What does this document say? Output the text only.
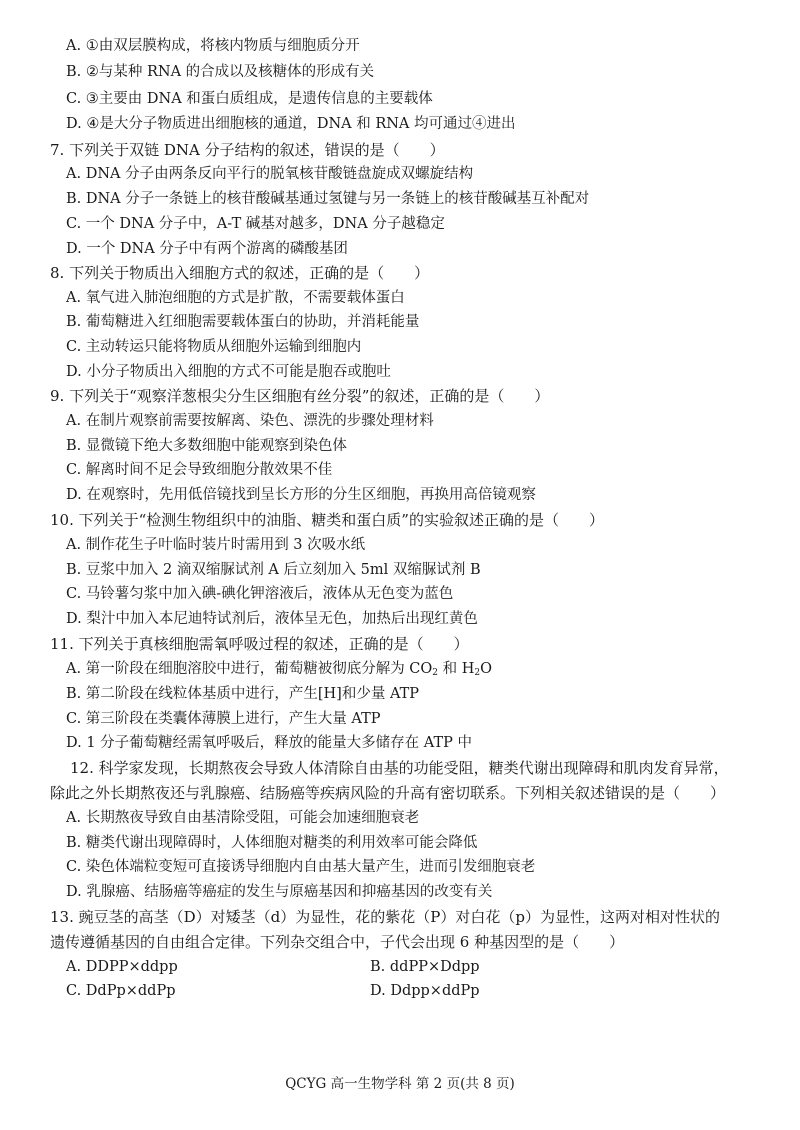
A. ①由双层膜构成，将核内物质与细胞质分开
B. ②与某种 RNA 的合成以及核糖体的形成有关
C. ③主要由 DNA 和蛋白质组成，是遗传信息的主要载体
D. ④是大分子物质进出细胞核的通道，DNA 和 RNA 均可通过④进出
7. 下列关于双链 DNA 分子结构的叙述，错误的是（　　）
A. DNA 分子由两条反向平行的脱氧核苷酸链盘旋成双螺旋结构
B. DNA 分子一条链上的核苷酸碱基通过氢键与另一条链上的核苷酸碱基互补配对
C. 一个 DNA 分子中，A-T 碱基对越多，DNA 分子越稳定
D. 一个 DNA 分子中有两个游离的磷酸基团
8. 下列关于物质出入细胞方式的叙述，正确的是（　　）
A. 氧气进入肺泡细胞的方式是扩散，不需要载体蛋白
B. 葡萄糖进入红细胞需要载体蛋白的协助，并消耗能量
C. 主动转运只能将物质从细胞外运输到细胞内
D. 小分子物质出入细胞的方式不可能是胞吞或胞吐
9. 下列关于“观察洋葱根尖分生区细胞有丝分裂”的叙述，正确的是（　　）
A. 在制片观察前需要按解离、染色、漂洗的步骤处理材料
B. 显微镜下绝大多数细胞中能观察到染色体
C. 解离时间不足会导致细胞分散效果不佳
D. 在观察时，先用低倍镜找到呈长方形的分生区细胞，再换用高倍镜观察
10. 下列关于“检测生物组织中的油脂、糖类和蛋白质”的实验叙述正确的是（　　）
A. 制作花生子叶临时装片时需用到 3 次吸水纸
B. 豆浆中加入 2 滴双缩脲试剂 A 后立刻加入 5ml 双缩脲试剂 B
C. 马铃薯匀浆中加入碘-碘化钾溶液后，液体从无色变为蓝色
D. 梨汁中加入本尼迪特试剂后，液体呈无色，加热后出现红黄色
11. 下列关于真核细胞需氧呼吸过程的叙述，正确的是（　　）
A. 第一阶段在细胞溶胶中进行，葡萄糖被彻底分解为 $CO_2$ 和 $H_2O$
B. 第二阶段在线粒体基质中进行，产生[H]和少量 ATP
C. 第三阶段在类囊体薄膜上进行，产生大量 ATP
D. 1 分子葡萄糖经需氧呼吸后，释放的能量大多储存在 ATP 中
12. 科学家发现，长期熬夜会导致人体清除自由基的功能受阻，糖类代谢出现障碍和肌肉发育异常，
除此之外长期熬夜还与乳腺癌、结肠癌等疾病风险的升高有密切联系。下列相关叙述错误的是（　　）
A. 长期熬夜导致自由基清除受阻，可能会加速细胞衰老
B. 糖类代谢出现障碍时，人体细胞对糖类的利用效率可能会降低
C. 染色体端粒变短可直接诱导细胞内自由基大量产生，进而引发细胞衰老
D. 乳腺癌、结肠癌等癌症的发生与原癌基因和抑癌基因的改变有关
13. 豌豆茎的高茎（D）对矮茎（d）为显性，花的紫花（P）对白花（p）为显性，这两对相对性状的
遗传遵循基因的自由组合定律。下列杂交组合中，子代会出现 6 种基因型的是（　　）
A. DDPP×ddpp	B. ddPP×Ddpp
C. DdPp×ddPp	D. Ddpp×ddPp
QCYG 高一生物学科 第 2 页(共 8 页)
